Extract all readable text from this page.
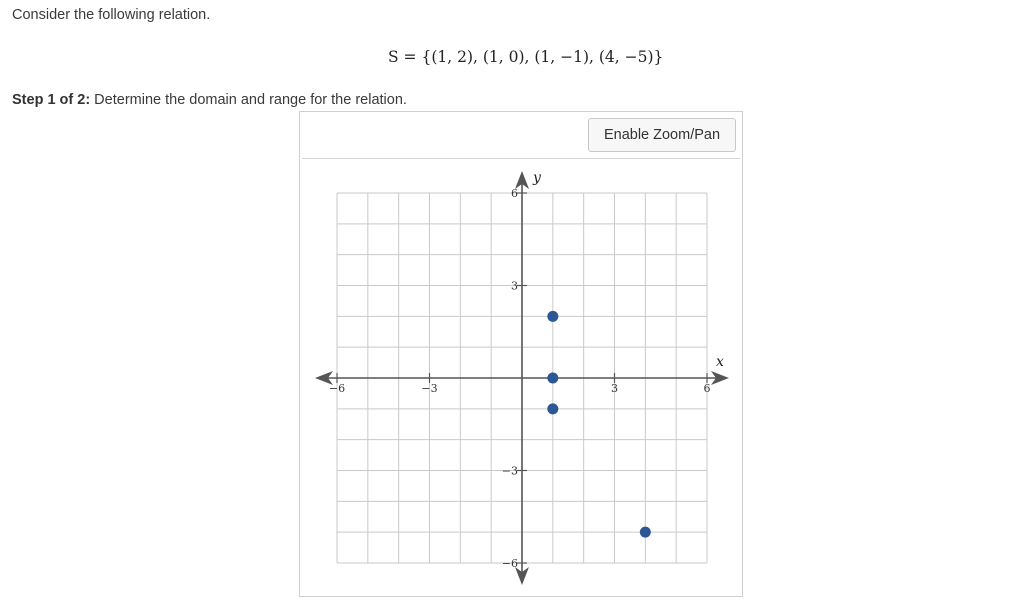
Consider the following relation.
S = {(1, 2), (1, 0), (1, −1), (4, −5)}
Step 1 of 2: Determine the domain and range for the relation.
Enable Zoom/Pan
−6	−3	3	6
6
3
−3
−6
x
y
